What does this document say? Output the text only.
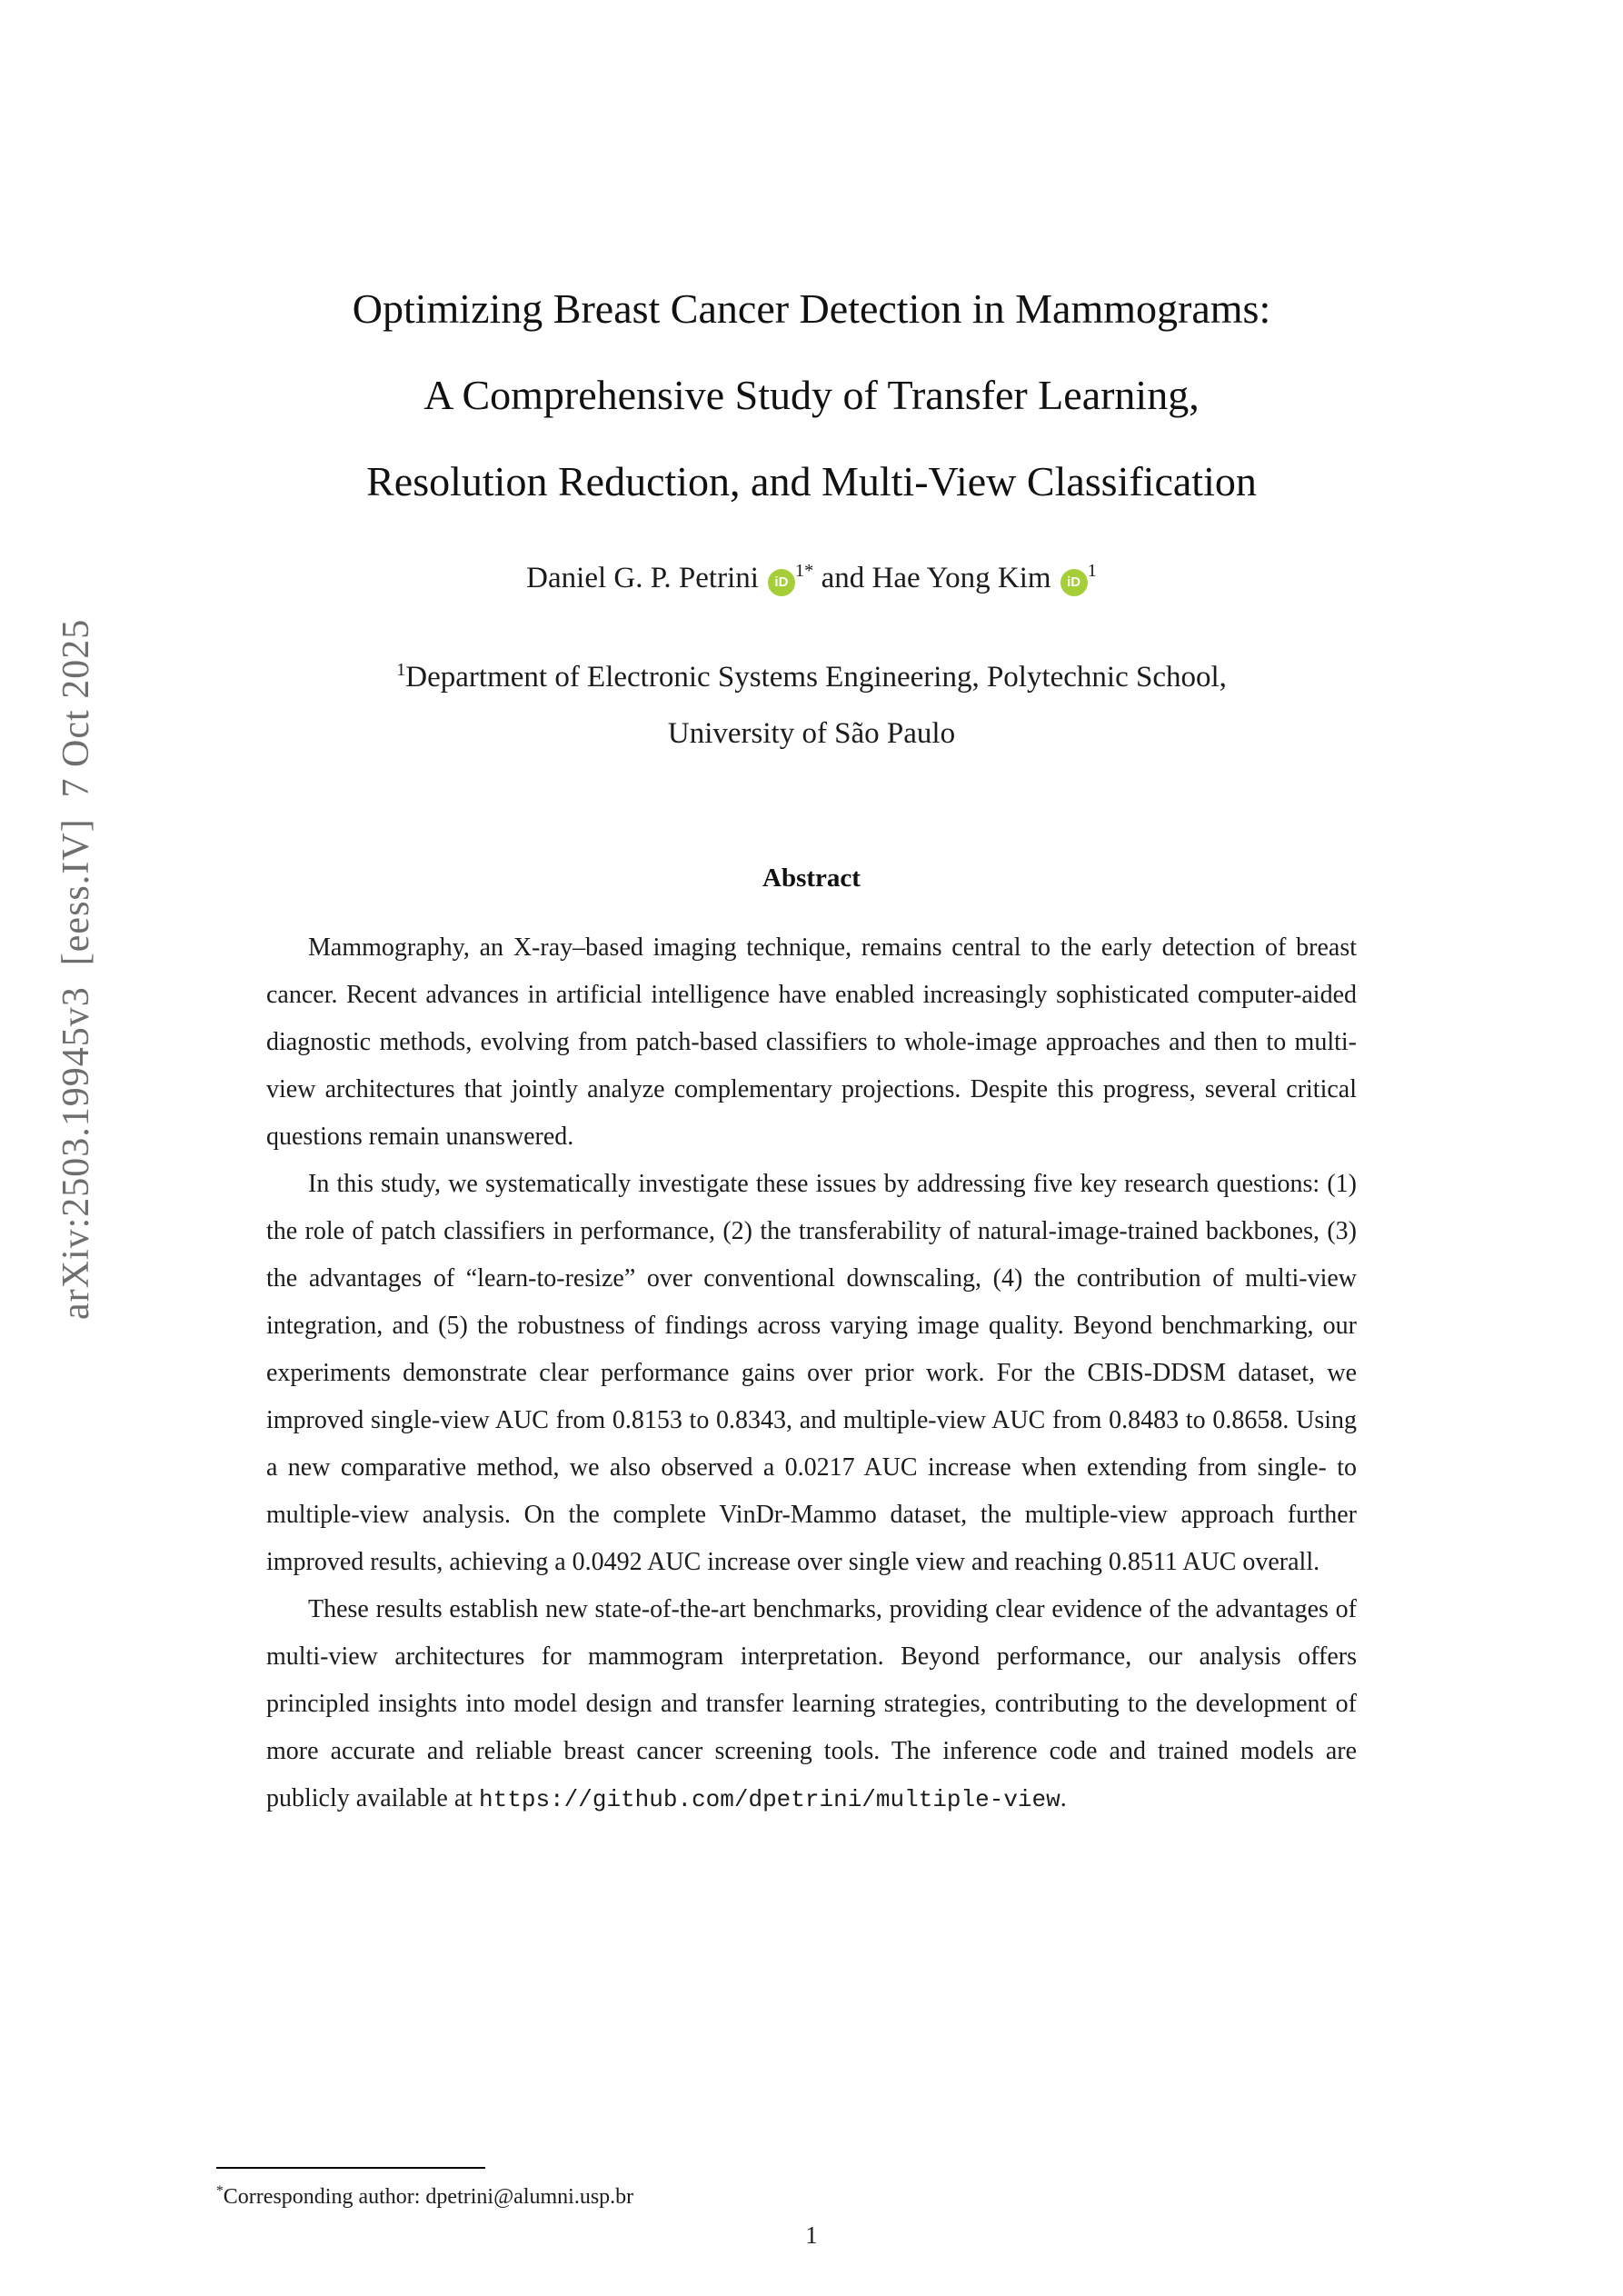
arXiv:2503.19945v3  [eess.IV]  7 Oct 2025
Optimizing Breast Cancer Detection in Mammograms:
A Comprehensive Study of Transfer Learning,
Resolution Reduction, and Multi-View Classification
Daniel G. P. Petrini $iD^{1*}$ and Hae Yong Kim $iD^1$
$^1$Department of Electronic Systems Engineering, Polytechnic School,
University of São Paulo
Abstract

Mammography, an X-ray–based imaging technique, remains central to the early detection of breast cancer. Recent advances in artificial intelligence have enabled increasingly sophisticated computer-aided diagnostic methods, evolving from patch-based classifiers to whole-image approaches and then to multi-view architectures that jointly analyze complementary projections. Despite this progress, several critical questions remain unanswered.

In this study, we systematically investigate these issues by addressing five key research questions: (1) the role of patch classifiers in performance, (2) the transferability of natural-image-trained backbones, (3) the advantages of “learn-to-resize” over conventional downscaling, (4) the contribution of multi-view integration, and (5) the robustness of findings across varying image quality. Beyond benchmarking, our experiments demonstrate clear performance gains over prior work. For the CBIS-DDSM dataset, we improved single-view AUC from 0.8153 to 0.8343, and multiple-view AUC from 0.8483 to 0.8658. Using a new comparative method, we also observed a 0.0217 AUC increase when extending from single- to multiple-view analysis. On the complete VinDr-Mammo dataset, the multiple-view approach further improved results, achieving a 0.0492 AUC increase over single view and reaching 0.8511 AUC overall.

These results establish new state-of-the-art benchmarks, providing clear evidence of the advantages of multi-view architectures for mammogram interpretation. Beyond performance, our analysis offers principled insights into model design and transfer learning strategies, contributing to the development of more accurate and reliable breast cancer screening tools. The inference code and trained models are publicly available at https://github.com/dpetrini/multiple-view.

*Corresponding author: dpetrini@alumni.usp.br
1
